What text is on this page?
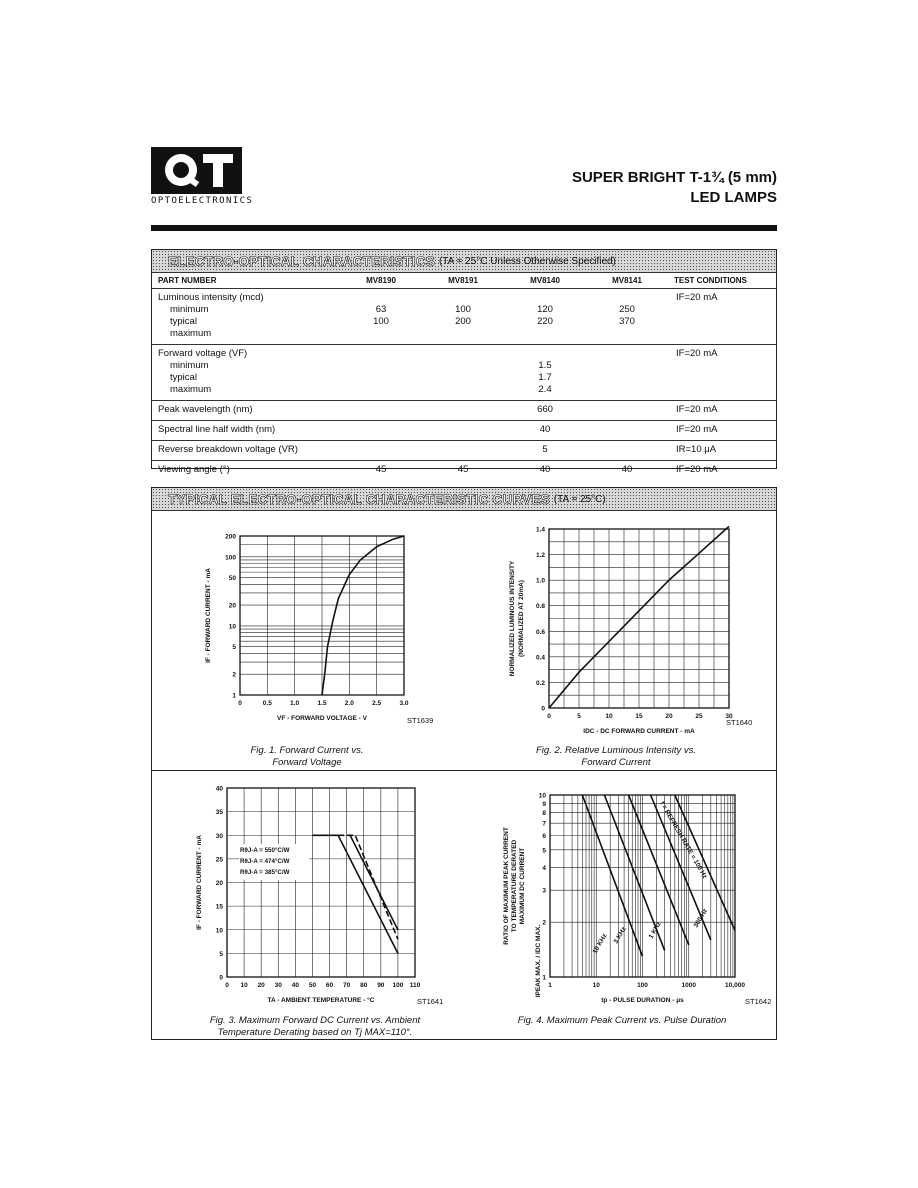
OPTOELECTRONICS
SUPER BRIGHT T-1¾ (5 mm)
LED LAMPS
ELECTRO-OPTICAL CHARACTERISTICS (TA = 25°C Unless Otherwise Specified)
PART NUMBER	MV8190	MV8191	MV8140	MV8141	TEST CONDITIONS
Luminous intensity (mcd)					IF=20 mA
minimum	63	100	120	250	
typical	100	200	220	370	
maximum					
Forward voltage (VF)					IF=20 mA
minimum			1.5		
typical			1.7		
maximum			2.4		
Peak wavelength (nm)			660		IF=20 mA
Spectral line half width (nm)			40		IF=20 mA
Reverse breakdown voltage (VR)			5		IR=10 μA
Viewing angle (°)	45	45	40	40	IF=20 mA
TYPICAL ELECTRO-OPTICAL CHARACTERISTIC CURVES (TA = 25°C)
0	0.5	1.0	1.5	2.0	2.5	3.0
1
2
5
10
20
50
100
200
VF - FORWARD VOLTAGE - V
IF - FORWARD CURRENT - mA
ST1639
Fig. 1. Forward Current vs.
Forward Voltage
0	5	10	15	20	25	30
0
0.2
0.4
0.6
0.8
1.0
1.2
1.4
IDC - DC FORWARD CURRENT - mA
NORMALIZED LUMINOUS INTENSITY
ST1640
(NORMALIZED AT 20mA)
Fig. 2. Relative Luminous Intensity vs.
Forward Current
0 10 20 30 40 50 60 70 80 90 100 110
0
5
10
15
20
25
30
35
40
TA - AMBIENT TEMPERATURE - °C
IF - FORWARD CURRENT - mA
ST1641
RθJ-A = 550°C/W
RθJ-A = 474°C/W
RθJ-A = 385°C/W
Fig. 3. Maximum Forward DC Current vs. Ambient
Temperature Derating based on Tj MAX=110°.
1	10	100	1000	10,000
1
2
3
4
5
6
7
8
9
10
tp - PULSE DURATION - μs
RATIO OF MAXIMUM PEAK CURRENT
ST1642
TO TEMPERATURE DERATED MAXIMUM DC CURRENT
IPEAK MAX. / IDC MAX.
f = REFRESH RATE = 100 Hz
300 Hz
1 KHz
3 KHz
10 KHz
Fig. 4. Maximum Peak Current vs. Pulse Duration
